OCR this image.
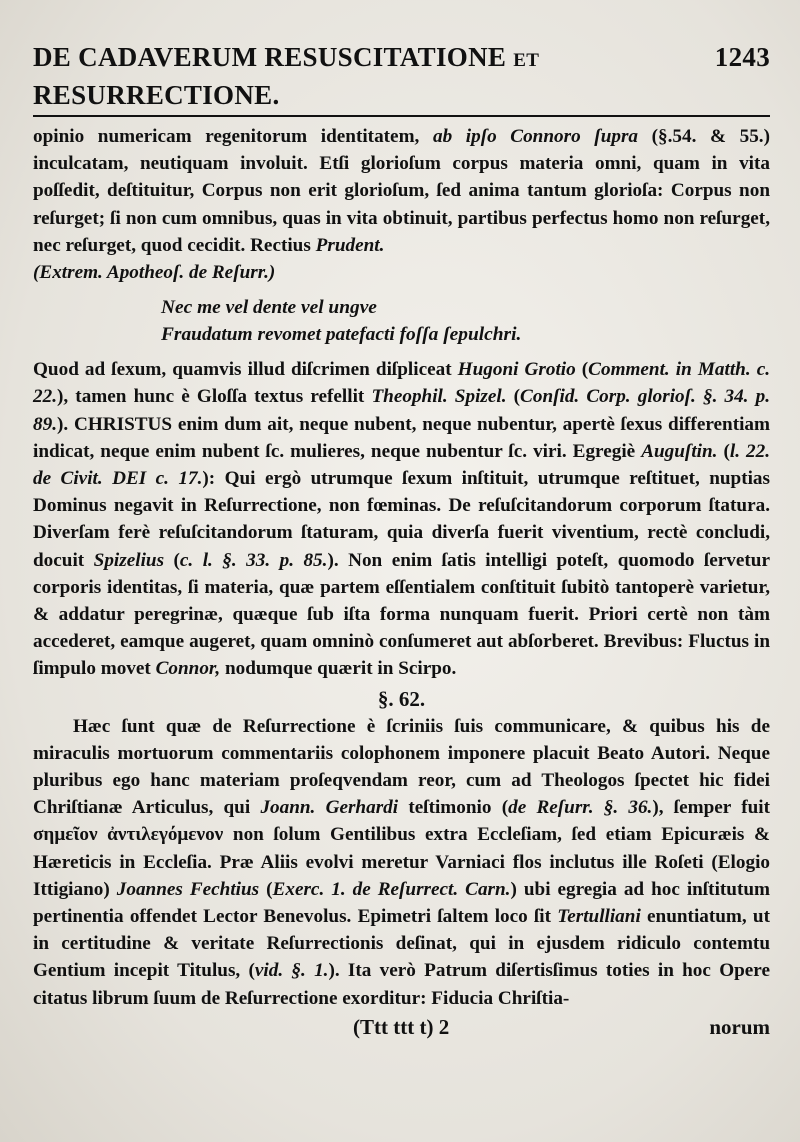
DE CADAVERUM RESUSCITATIONE ET RESURRECTIONE.
1243

opinio numericam regenitorum identitatem, ab ipſo Connoro ſupra (§.54. & 55.) inculcatam, neutiquam involuit. Etſi glorioſum corpus materia omni, quam in vita poſſedit, deſtituitur, Corpus non erit glorioſum, ſed anima tantum glorioſa: Corpus non reſurget; ſi non cum omnibus, quas in vita obtinuit, partibus perfectus homo non reſurget, nec reſurget, quod cecidit. Rectius Prudent.
(Extrem. Apotheoſ. de Reſurr.)

Nec me vel dente vel ungve
Fraudatum revomet patefacti foſſa ſepulchri.

Quod ad ſexum, quamvis illud diſcrimen diſpliceat Hugoni Grotio (Comment. in Matth. c. 22.), tamen hunc è Gloſſa textus refellit Theophil. Spizel. (Conſid. Corp. glorioſ. §. 34. p. 89.). CHRISTUS enim dum ait, neque nubent, neque nubentur, apertè ſexus differentiam indicat, neque enim nubent ſc. mulieres, neque nubentur ſc. viri. Egregiè Auguſtin. (l. 22. de Civit. DEI c. 17.): Qui ergò utrumque ſexum inſtituit, utrumque reſtituet, nuptias Dominus negavit in Reſurrectione, non fœminas. De reſuſcitandorum corporum ſtatura. Diverſam ferè reſuſcitandorum ſtaturam, quia diverſa fuerit viventium, rectè concludi, docuit Spizelius (c. l. §. 33. p. 85.). Non enim ſatis intelligi poteſt, quomodo ſervetur corporis identitas, ſi materia, quæ partem eſſentialem conſtituit ſubitò tantoperè varietur, & addatur peregrinæ, quæque ſub iſta forma nunquam fuerit. Priori certè non tàm accederet, eamque augeret, quam omninò conſumeret aut abſorberet. Brevibus: Fluctus in ſimpulo movet Connor, nodumque quærit in Scirpo.

§. 62.

Hæc ſunt quæ de Reſurrectione è ſcriniis ſuis communicare, & quibus his de miraculis mortuorum commentariis colophonem imponere placuit Beato Autori. Neque pluribus ego hanc materiam proſeqvendam reor, cum ad Theologos ſpectet hic fidei Chriſtianæ Articulus, qui Joann. Gerhardi teſtimonio (de Reſurr. §. 36.), ſemper fuit σημεῖον ἀντιλεγόμενον non ſolum Gentilibus extra Eccleſiam, ſed etiam Epicuræis & Hæreticis in Eccleſia. Præ Aliis evolvi meretur Varniaci flos inclutus ille Roſeti (Elogio Ittigiano) Joannes Fechtius (Exerc. 1. de Reſurrect. Carn.) ubi egregia ad hoc inſtitutum pertinentia offendet Lector Benevolus. Epimetri ſaltem loco ſit Tertulliani enuntiatum, ut in certitudine & veritate Reſurrectionis deſinat, qui in ejusdem ridiculo contemtu Gentium incepit Titulus, (vid. §. 1.). Ita verò Patrum diſertisſimus toties in hoc Opere citatus librum ſuum de Reſurrectione exorditur: Fiducia Chriſtia-

(Ttt ttt t) 2	norum
